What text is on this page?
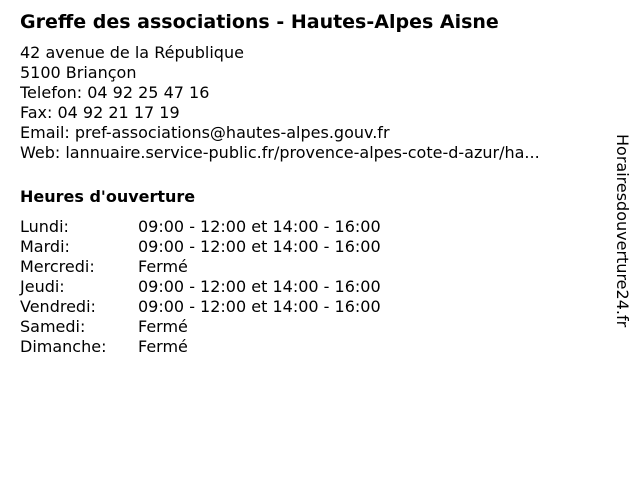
Greffe des associations - Hautes-Alpes Aisne
42 avenue de la République
5100 Briançon
Telefon: 04 92 25 47 16
Fax: 04 92 21 17 19
Email: pref-associations@hautes-alpes.gouv.fr
Web: lannuaire.service-public.fr/provence-alpes-cote-d-azur/ha...
Heures d'ouverture
Lundi:	09:00 - 12:00 et 14:00 - 16:00
Mardi:	09:00 - 12:00 et 14:00 - 16:00
Mercredi:	Fermé
Jeudi:	09:00 - 12:00 et 14:00 - 16:00
Vendredi:	09:00 - 12:00 et 14:00 - 16:00
Samedi:	Fermé
Dimanche: Fermé
Horairesdouverture24.fr
